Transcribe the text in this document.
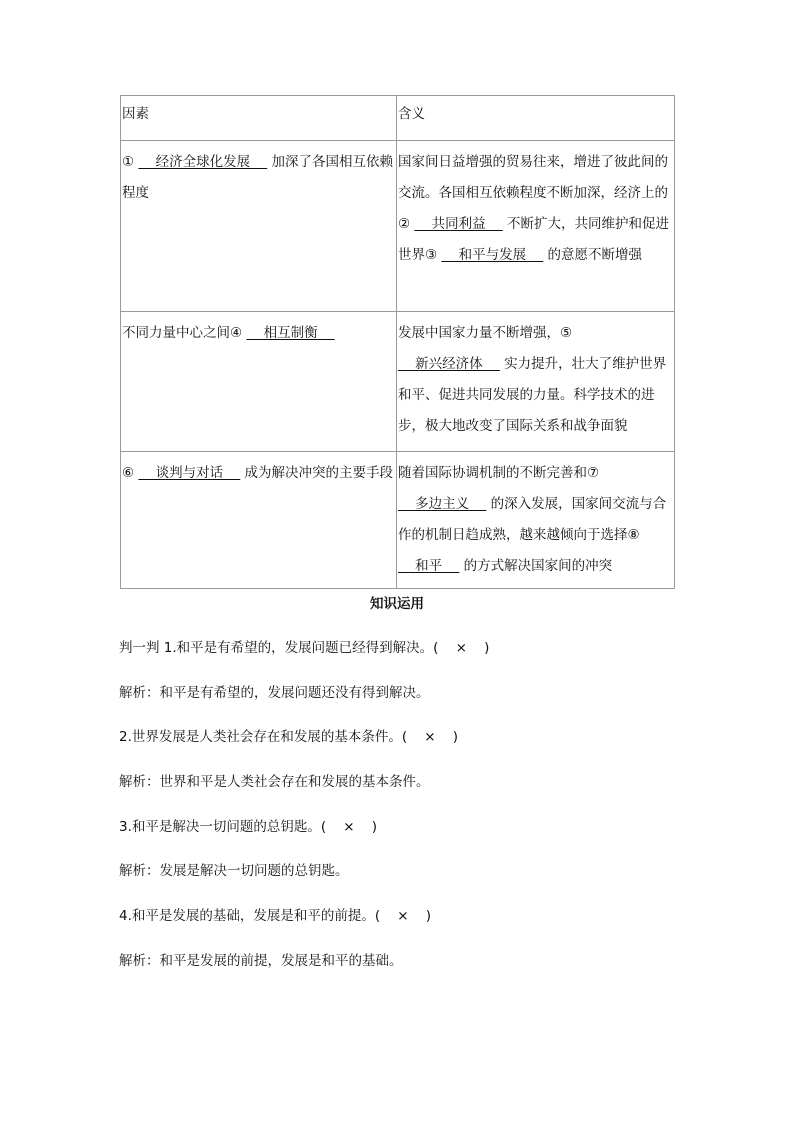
因素	含义

①     经济全球化发展     加深了各国相互依赖程度	国家间日益增强的贸易往来，增进了彼此间的交流。各国相互依赖程度不断加深，经济上的②     共同利益     不断扩大，共同维护和促进世界③     和平与发展     的意愿不断增强

不同力量中心之间④     相互制衡	发展中国家力量不断增强，⑤     新兴经济体     实力提升，壮大了维护世界和平、促进共同发展的力量。科学技术的进步，极大地改变了国际关系和战争面貌

⑥     谈判与对话     成为解决冲突的主要手段	随着国际协调机制的不断完善和⑦     多边主义     的深入发展，国家间交流与合作的机制日趋成熟，越来越倾向于选择⑧     和平     的方式解决国家间的冲突
知识运用
判一判 1.和平是有希望的，发展问题已经得到解决。(    ×    )
解析：和平是有希望的，发展问题还没有得到解决。
2.世界发展是人类社会存在和发展的基本条件。(    ×    )
解析：世界和平是人类社会存在和发展的基本条件。
3.和平是解决一切问题的总钥匙。(    ×    )
解析：发展是解决一切问题的总钥匙。
4.和平是发展的基础，发展是和平的前提。(    ×    )
解析：和平是发展的前提，发展是和平的基础。
